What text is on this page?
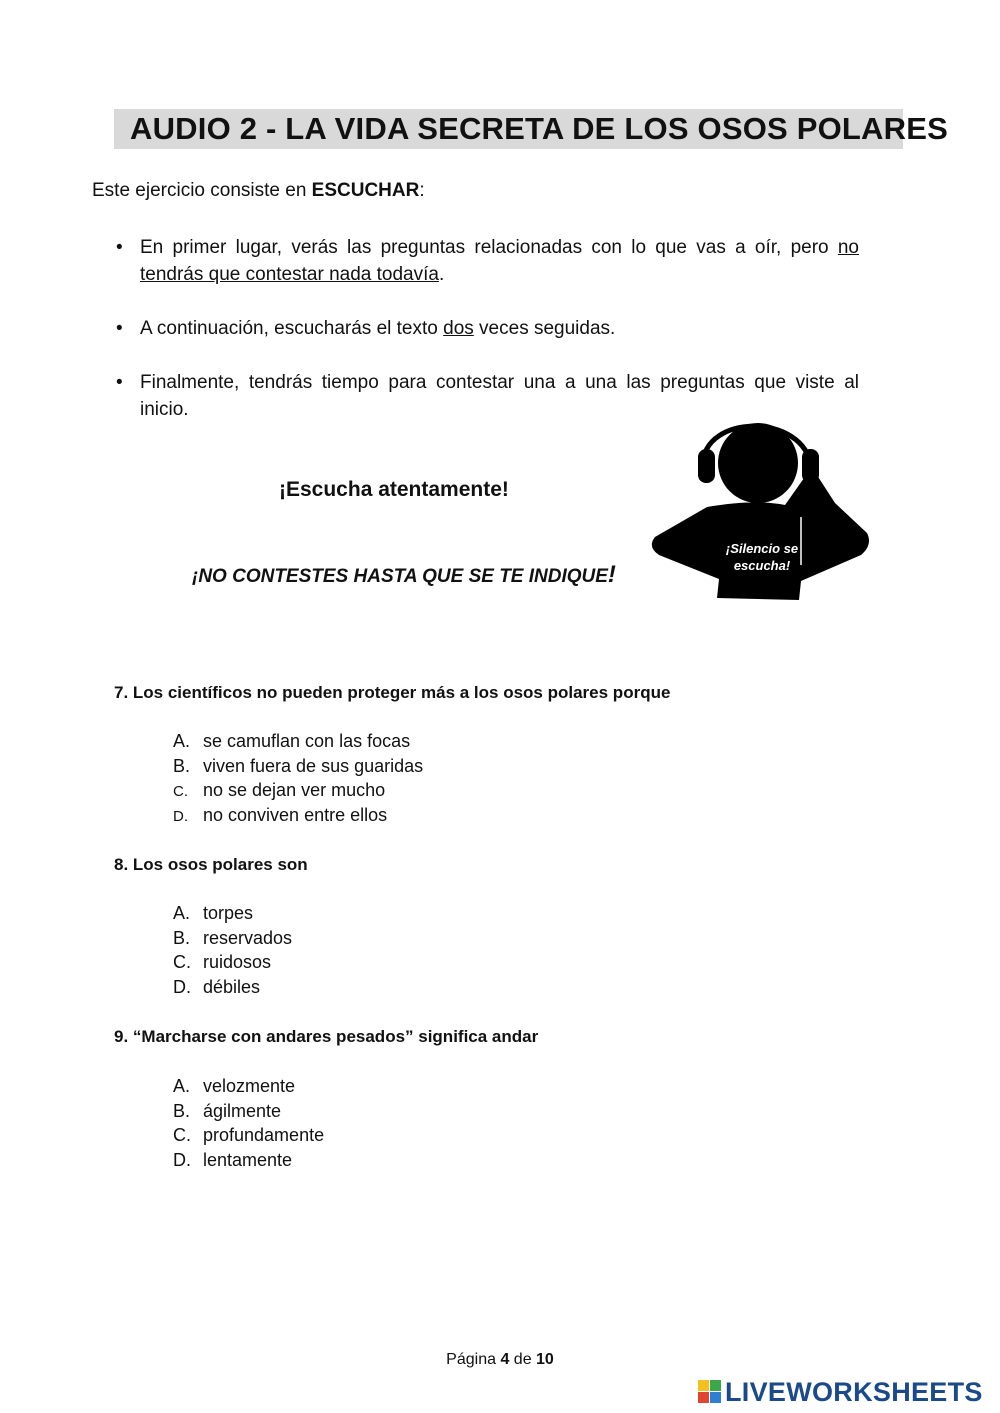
AUDIO 2 - LA VIDA SECRETA DE LOS OSOS POLARES
Este ejercicio consiste en ESCUCHAR:
• En primer lugar, verás las preguntas relacionadas con lo que vas a oír, pero no tendrás que contestar nada todavía.
• A continuación, escucharás el texto dos veces seguidas.
• Finalmente, tendrás tiempo para contestar una a una las preguntas que viste al inicio.
¡Escucha atentamente!
¡NO CONTESTES HASTA QUE SE TE INDIQUE!
¡Silencio se
escucha!
7. Los científicos no pueden proteger más a los osos polares porque
A. se camuflan con las focas
B. viven fuera de sus guaridas
C. no se dejan ver mucho
D. no conviven entre ellos
8. Los osos polares son
A. torpes
B. reservados
C. ruidosos
D. débiles
9. “Marcharse con andares pesados” significa andar
A. velozmente
B. ágilmente
C. profundamente
D. lentamente
Página 4 de 10
LIVEWORKSHEETS
